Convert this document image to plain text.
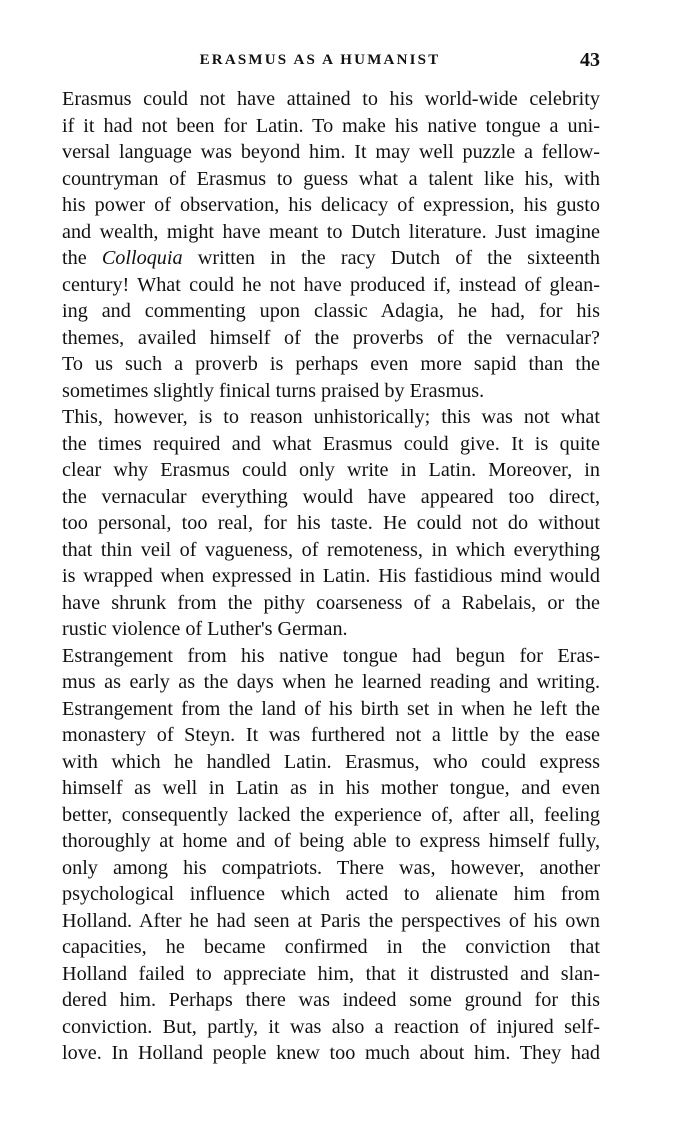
ERASMUS AS A HUMANIST	43

Erasmus could not have attained to his world-wide celebrity
if it had not been for Latin. To make his native tongue a uni-
versal language was beyond him. It may well puzzle a fellow-
countryman of Erasmus to guess what a talent like his, with
his power of observation, his delicacy of expression, his gusto
and wealth, might have meant to Dutch literature. Just imagine
the Colloquia written in the racy Dutch of the sixteenth
century! What could he not have produced if, instead of glean-
ing and commenting upon classic Adagia, he had, for his
themes, availed himself of the proverbs of the vernacular?
To us such a proverb is perhaps even more sapid than the
sometimes slightly finical turns praised by Erasmus.

This, however, is to reason unhistorically; this was not what
the times required and what Erasmus could give. It is quite
clear why Erasmus could only write in Latin. Moreover, in
the vernacular everything would have appeared too direct,
too personal, too real, for his taste. He could not do without
that thin veil of vagueness, of remoteness, in which everything
is wrapped when expressed in Latin. His fastidious mind would
have shrunk from the pithy coarseness of a Rabelais, or the
rustic violence of Luther's German.

Estrangement from his native tongue had begun for Eras-
mus as early as the days when he learned reading and writing.
Estrangement from the land of his birth set in when he left the
monastery of Steyn. It was furthered not a little by the ease
with which he handled Latin. Erasmus, who could express
himself as well in Latin as in his mother tongue, and even
better, consequently lacked the experience of, after all, feeling
thoroughly at home and of being able to express himself fully,
only among his compatriots. There was, however, another
psychological influence which acted to alienate him from
Holland. After he had seen at Paris the perspectives of his own
capacities, he became confirmed in the conviction that
Holland failed to appreciate him, that it distrusted and slan-
dered him. Perhaps there was indeed some ground for this
conviction. But, partly, it was also a reaction of injured self-
love. In Holland people knew too much about him. They had
